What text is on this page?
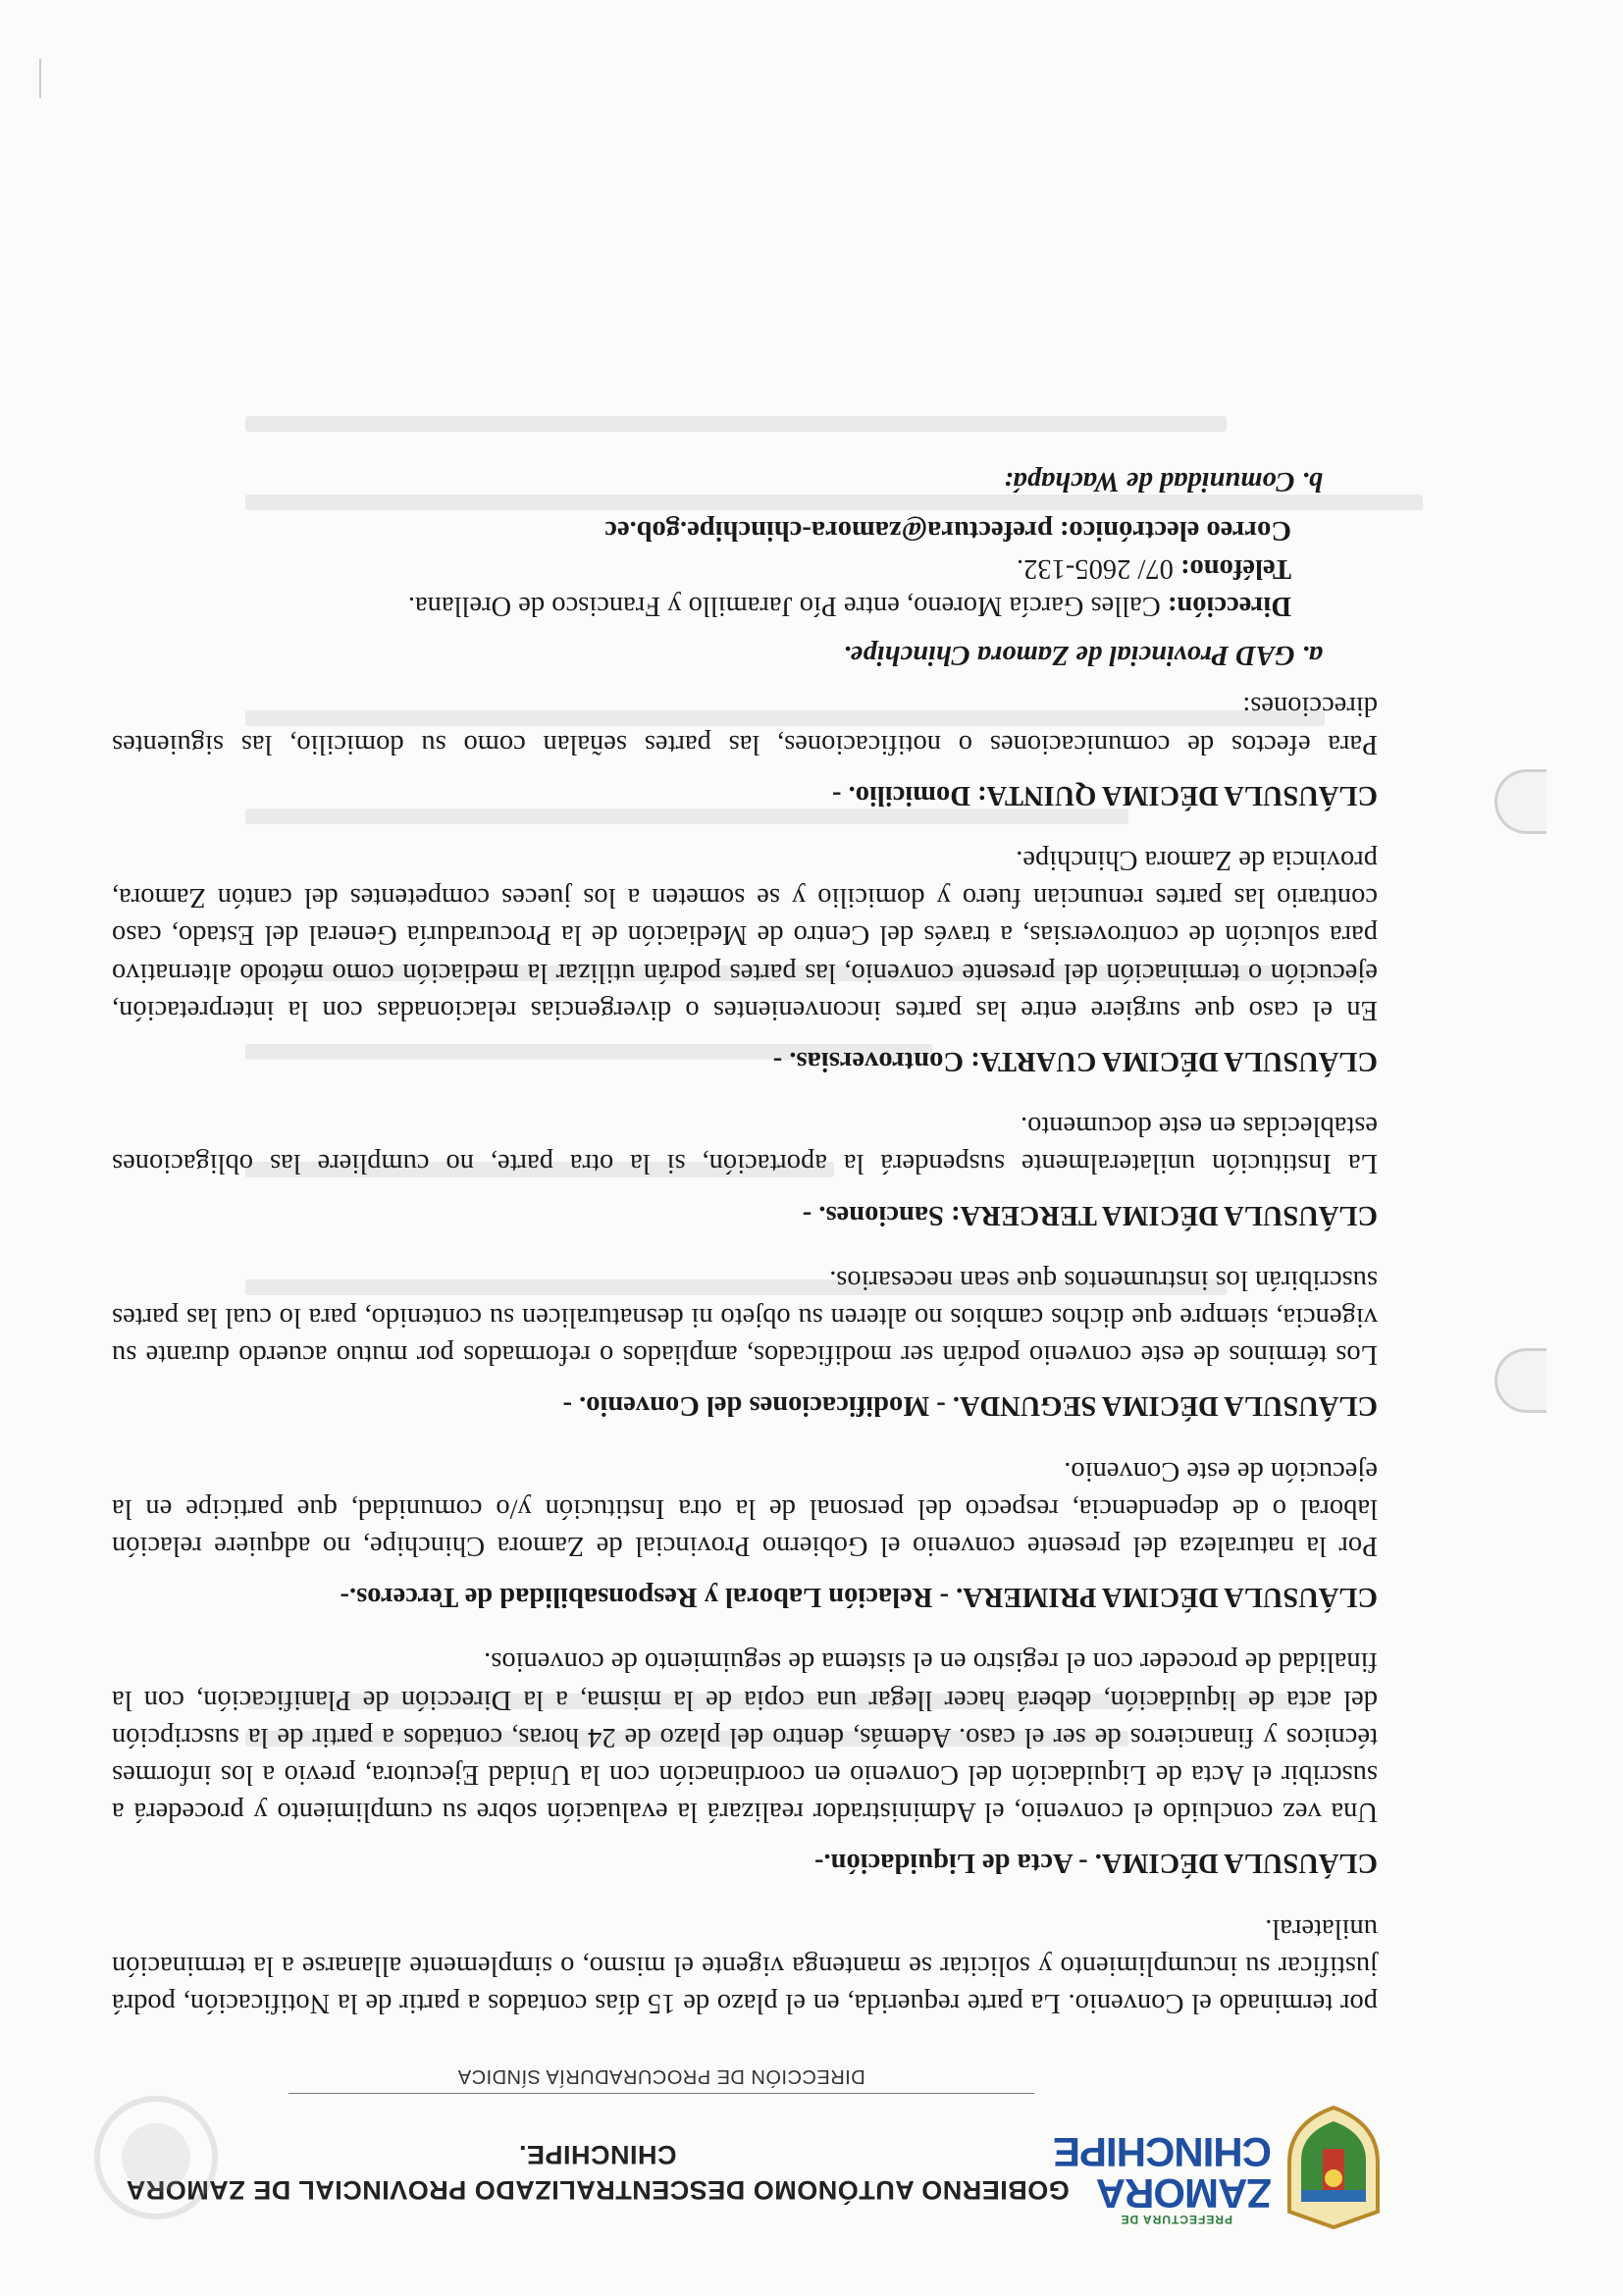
PREFECTURA DE
ZAMORA
CHINCHIPE
GOBIERNO AUTÓNOMO DESCENTRALIZADO PROVINCIAL DE ZAMORA
CHINCHIPE.
DIRECCIÓN DE PROCURADURÍA SÍNDICA

por terminado el Convenio. La parte requerida, en el plazo de 15 días contados a partir de la Notificación, podrá justificar su incumplimiento y solicitar se mantenga vigente el mismo, o simplemente allanarse a la terminación unilateral.

CLÁUSULA DÉCIMA. - Acta de Liquidación.-

Una vez concluido el convenio, el Administrador realizará la evaluación sobre su cumplimiento y procederá a suscribir el Acta de Liquidación del Convenio en coordinación con la Unidad Ejecutora, previo a los informes técnicos y financieros de ser el caso. Además, dentro del plazo de 24 horas, contados a partir de la suscripción del acta de liquidación, deberá hacer llegar una copia de la misma, a la Dirección de Planificación, con la finalidad de proceder con el registro en el sistema de seguimiento de convenios.

CLÁUSULA DÉCIMA PRIMERA. - Relación Laboral y Responsabilidad de Terceros.-

Por la naturaleza del presente convenio el Gobierno Provincial de Zamora Chinchipe, no adquiere relación laboral o de dependencia, respecto del personal de la otra Institución y/o comunidad, que participe en la ejecución de este Convenio.

CLÁUSULA DÉCIMA SEGUNDA. - Modificaciones del Convenio. -

Los términos de este convenio podrán ser modificados, ampliados o reformados por mutuo acuerdo durante su vigencia, siempre que dichos cambios no alteren su objeto ni desnaturalicen su contenido, para lo cual las partes suscribirán los instrumentos que sean necesarios.

CLÁUSULA DÉCIMA TERCERA: Sanciones. -

La Institución unilateralmente suspenderá la aportación, si la otra parte, no cumpliere las obligaciones establecidas en este documento.

CLÁUSULA DÉCIMA CUARTA: Controversias. -

En el caso que surgiere entre las partes inconvenientes o divergencias relacionadas con la interpretación, ejecución o terminación del presente convenio, las partes podrán utilizar la mediación como método alternativo para solución de controversias, a través del Centro de Mediación de la Procuraduría General del Estado, caso contrario las partes renuncian fuero y domicilio y se someten a los jueces competentes del cantón Zamora, provincia de Zamora Chinchipe.

CLÁUSULA DÉCIMA QUINTA: Domicilio. -

Para efectos de comunicaciones o notificaciones, las partes señalan como su domicilio, las siguientes direcciones:

a. GAD Provincial de Zamora Chinchipe.
Dirección: Calles García Moreno, entre Pío Jaramillo y Francisco de Orellana.
Teléfono: 07/ 2605-132.
Correo electrónico: prefectura@zamora-chinchipe.gob.ec
b. Comunidad de Wachapá:
